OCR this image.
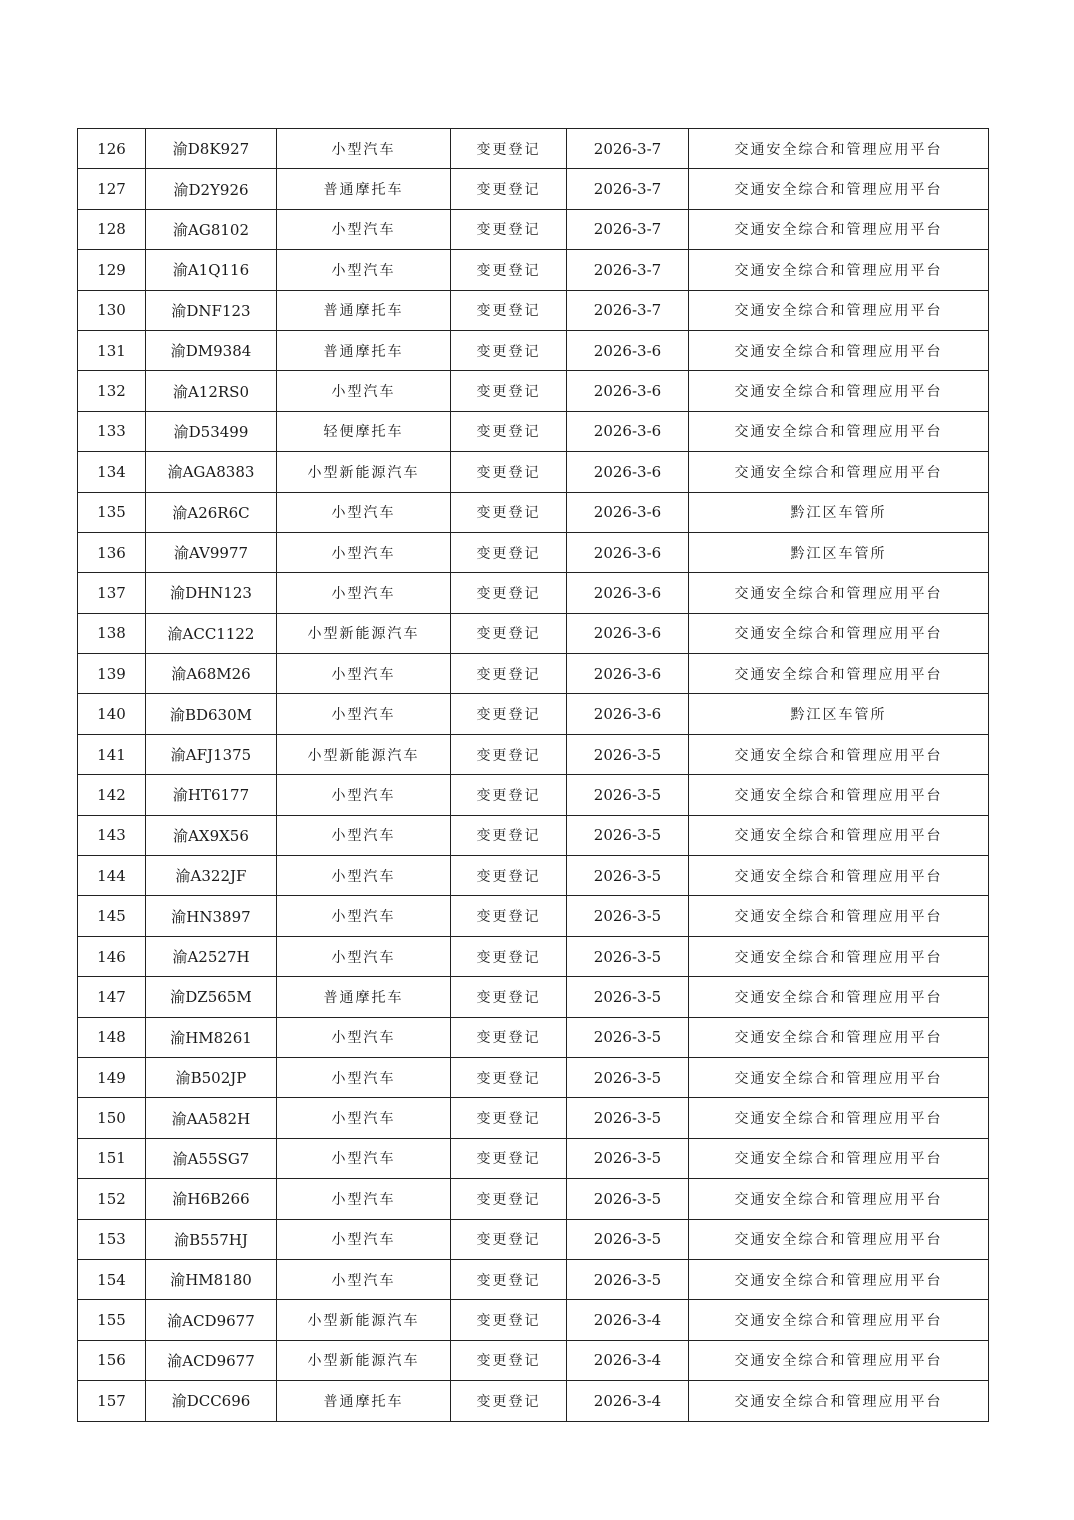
126	渝D8K927	小型汽车	变更登记	2026-3-7	交通安全综合和管理应用平台
127	渝D2Y926	普通摩托车	变更登记	2026-3-7	交通安全综合和管理应用平台
128	渝AG8102	小型汽车	变更登记	2026-3-7	交通安全综合和管理应用平台
129	渝A1Q116	小型汽车	变更登记	2026-3-7	交通安全综合和管理应用平台
130	渝DNF123	普通摩托车	变更登记	2026-3-7	交通安全综合和管理应用平台
131	渝DM9384	普通摩托车	变更登记	2026-3-6	交通安全综合和管理应用平台
132	渝A12RS0	小型汽车	变更登记	2026-3-6	交通安全综合和管理应用平台
133	渝D53499	轻便摩托车	变更登记	2026-3-6	交通安全综合和管理应用平台
134	渝AGA8383	小型新能源汽车	变更登记	2026-3-6	交通安全综合和管理应用平台
135	渝A26R6C	小型汽车	变更登记	2026-3-6	黔江区车管所
136	渝AV9977	小型汽车	变更登记	2026-3-6	黔江区车管所
137	渝DHN123	小型汽车	变更登记	2026-3-6	交通安全综合和管理应用平台
138	渝ACC1122	小型新能源汽车	变更登记	2026-3-6	交通安全综合和管理应用平台
139	渝A68M26	小型汽车	变更登记	2026-3-6	交通安全综合和管理应用平台
140	渝BD630M	小型汽车	变更登记	2026-3-6	黔江区车管所
141	渝AFJ1375	小型新能源汽车	变更登记	2026-3-5	交通安全综合和管理应用平台
142	渝HT6177	小型汽车	变更登记	2026-3-5	交通安全综合和管理应用平台
143	渝AX9X56	小型汽车	变更登记	2026-3-5	交通安全综合和管理应用平台
144	渝A322JF	小型汽车	变更登记	2026-3-5	交通安全综合和管理应用平台
145	渝HN3897	小型汽车	变更登记	2026-3-5	交通安全综合和管理应用平台
146	渝A2527H	小型汽车	变更登记	2026-3-5	交通安全综合和管理应用平台
147	渝DZ565M	普通摩托车	变更登记	2026-3-5	交通安全综合和管理应用平台
148	渝HM8261	小型汽车	变更登记	2026-3-5	交通安全综合和管理应用平台
149	渝B502JP	小型汽车	变更登记	2026-3-5	交通安全综合和管理应用平台
150	渝AA582H	小型汽车	变更登记	2026-3-5	交通安全综合和管理应用平台
151	渝A55SG7	小型汽车	变更登记	2026-3-5	交通安全综合和管理应用平台
152	渝H6B266	小型汽车	变更登记	2026-3-5	交通安全综合和管理应用平台
153	渝B557HJ	小型汽车	变更登记	2026-3-5	交通安全综合和管理应用平台
154	渝HM8180	小型汽车	变更登记	2026-3-5	交通安全综合和管理应用平台
155	渝ACD9677	小型新能源汽车	变更登记	2026-3-4	交通安全综合和管理应用平台
156	渝ACD9677	小型新能源汽车	变更登记	2026-3-4	交通安全综合和管理应用平台
157	渝DCC696	普通摩托车	变更登记	2026-3-4	交通安全综合和管理应用平台
